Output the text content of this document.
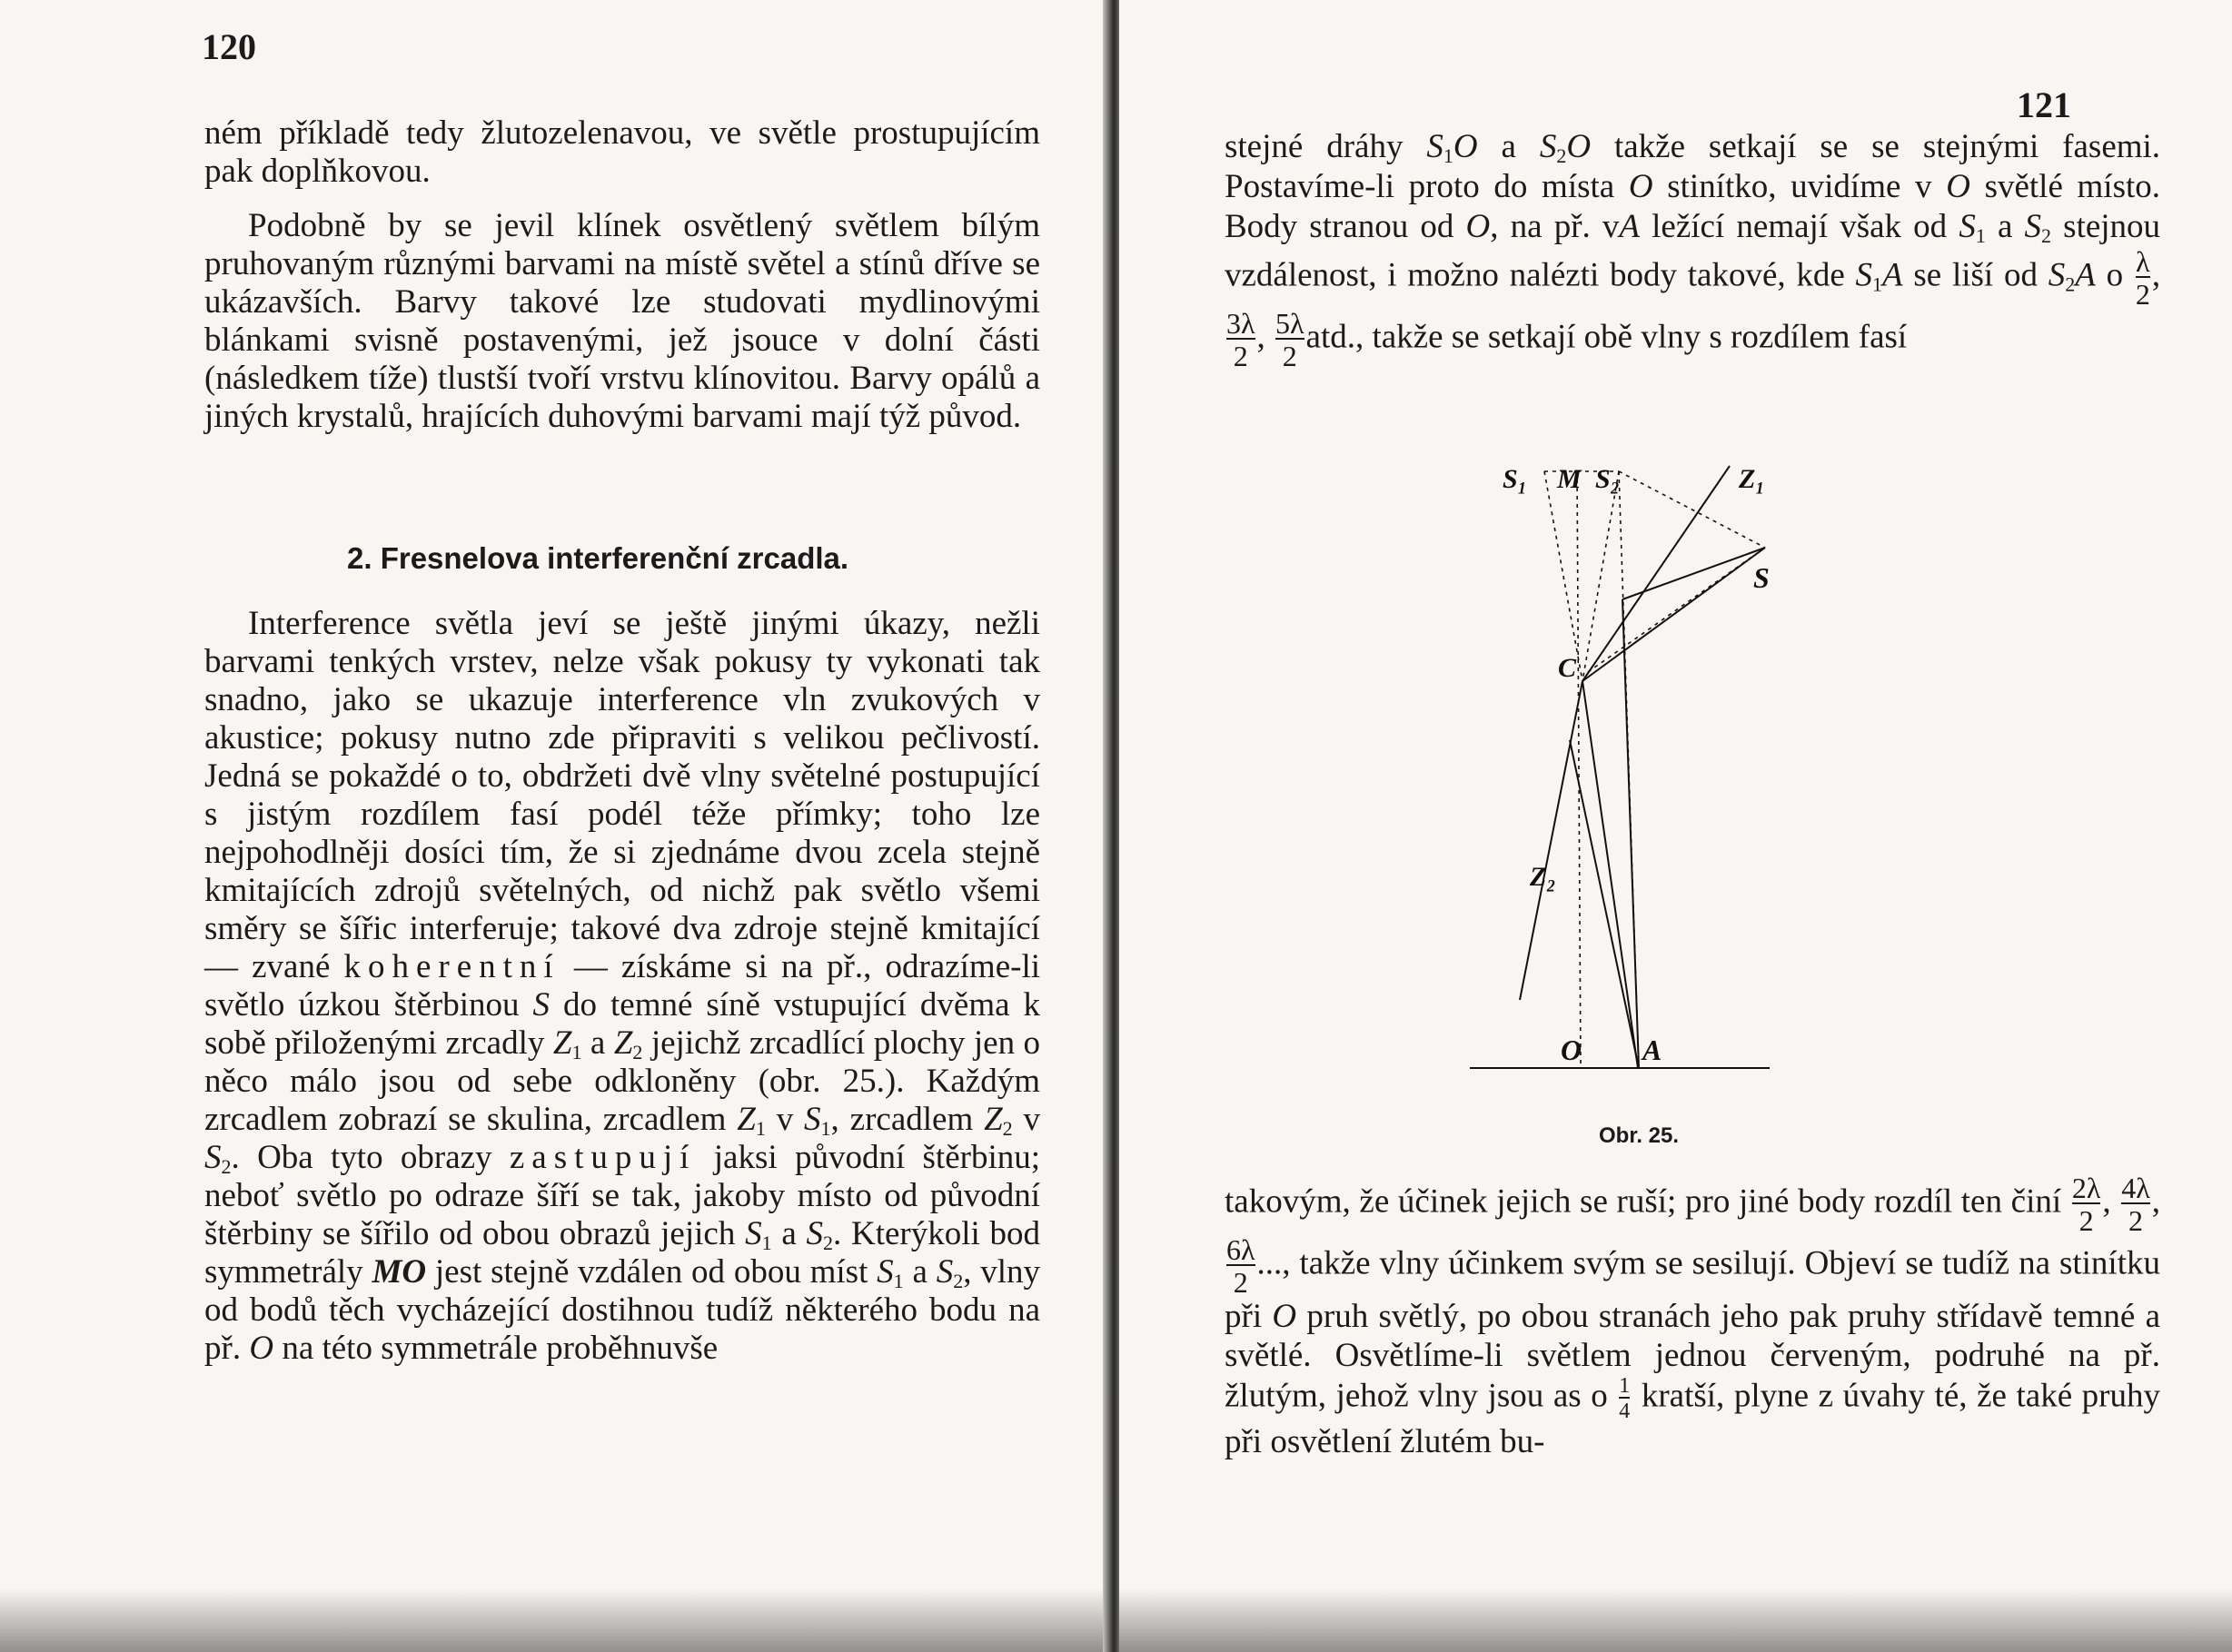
120

ném příkladě tedy žlutozelenavou, ve světle prostupujícím pak doplňkovou.

Podobně by se jevil klínek osvětlený světlem bílým pruhovaným různými barvami na místě světel a stínů dříve se ukázavších. Barvy takové lze studovati mydlinovými blánkami svisně postavenými, jež jsouce v dolní části (následkem tíže) tlustší tvoří vrstvu klínovitou. Barvy opálů a jiných krystalů, hrajících duhovými barvami mají týž původ.

2. Fresnelova interferenční zrcadla.

Interference světla jeví se ještě jinými úkazy, nežli barvami tenkých vrstev, nelze však pokusy ty vykonati tak snadno, jako se ukazuje interference vln zvukových v akustice; pokusy nutno zde připraviti s velikou pečlivostí. Jedná se pokaždé o to, obdržeti dvě vlny světelné postupující s jistým rozdílem fasí podél téže přímky; toho lze nejpohodlněji dosíci tím, že si zjednáme dvou zcela stejně kmitajících zdrojů světelných, od nichž pak světlo všemi směry se šířic interferuje; takové dva zdroje stejně kmitající — zvané koherentní — získáme si na př., odrazíme-li světlo úzkou štěrbinou S do temné síně vstupující dvěma k sobě přiloženými zrcadly $Z_1$ a $Z_2$ jejichž zrcadlící plochy jen o něco málo jsou od sebe odkloněny (obr. 25.). Každým zrcadlem zobrazí se skulina, zrcadlem $Z_1$ v $S_1$, zrcadlem $Z_2$ v $S_2$. Oba tyto obrazy zastupují jaksi původní štěrbinu; neboť světlo po odraze šíří se tak, jakoby místo od původní štěrbiny se šířilo od obou obrazů jejich $S_1$ a $S_2$. Kterýkoli bod symmetrály MO jest stejně vzdálen od obou míst $S_1$ a $S_2$, vlny od bodů těch vycházející dostihnou tudíž některého bodu na př. O na této symmetrále proběhnuvše

121

stejné dráhy $S_1O$ a $S_2O$ takže setkají se se stejnými fasemi. Postavíme-li proto do místa O stinítko, uvidíme v O světlé místo. Body stranou od O, na př. vA ležící nemají však od $S_1$ a $S_2$ stejnou vzdálenost, i možno nalézti body takové, kde $S_1A$ se liší od $S_2A$ o $\frac{\lambda}{2}$ ,
$\frac{3\lambda}{2}$ , $\frac{5\lambda}{2}$ atd., takže se setkají obě vlny s rozdílem fasí

S₁ M S₂	Z₁
S
C
Z₂
O A
Obr. 25.

takovým, že účinek jejich se ruší; pro jiné body rozdíl ten činí $\frac{2\lambda}{2}$ , $\frac{4\lambda}{2}$ ,
$\frac{6\lambda}{2}$ ..., takže vlny účinkem svým se sesilují. Objeví se tudíž na stinítku při O pruh světlý, po obou stranách jeho pak pruhy střídavě temné a světlé. Osvětlíme-li světlem jednou červeným, podruhé na př. žlutým, jehož vlny jsou as o $\frac{1}{4}$ kratší, plyne z úvahy té, že také pruhy při osvětlení žlutém bu-
